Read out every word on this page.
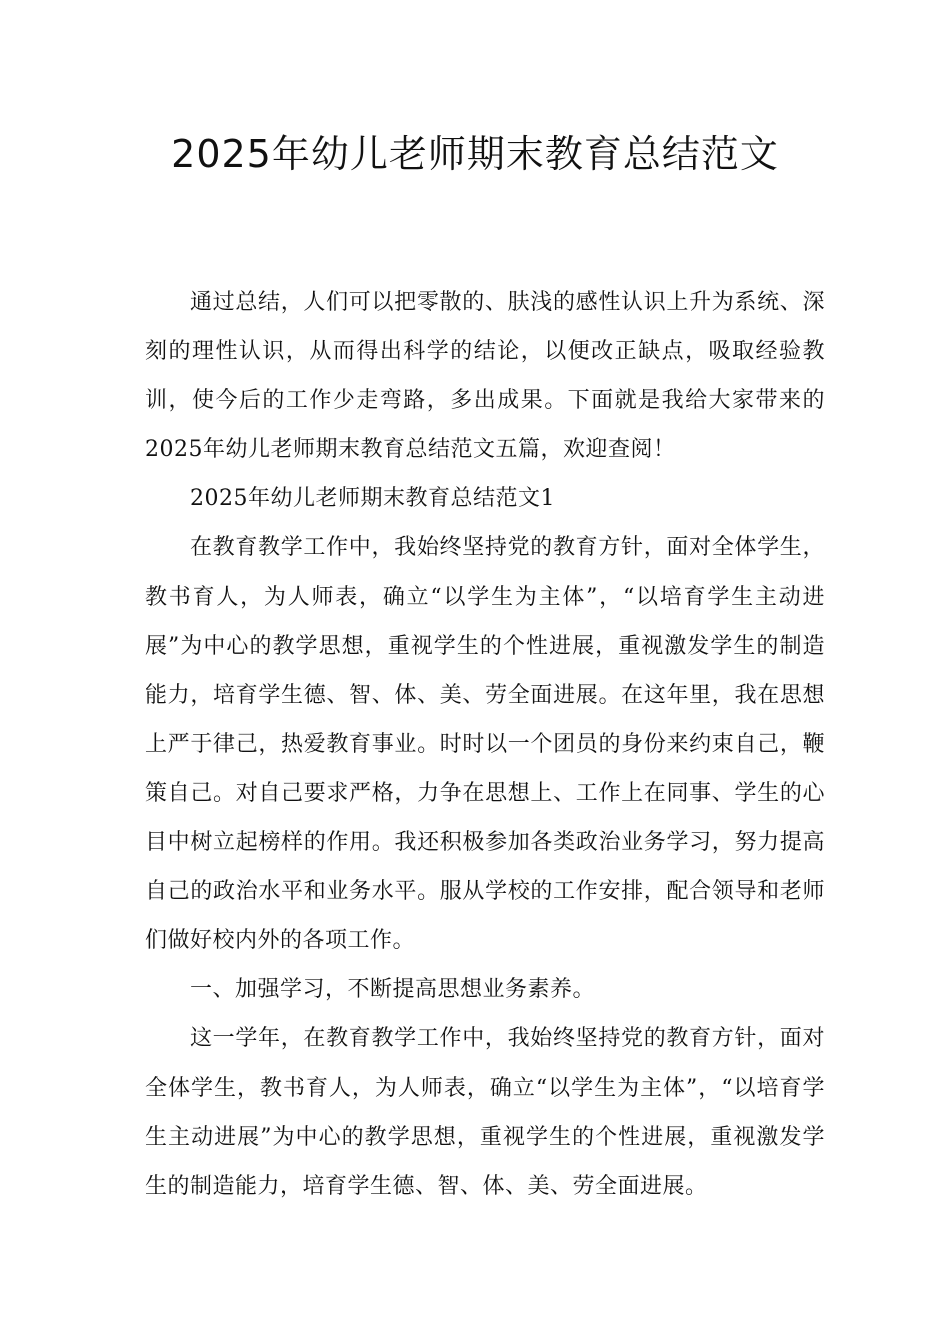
2025年幼儿老师期末教育总结范文

通过总结，人们可以把零散的、肤浅的感性认识上升为系统、深刻的理性认识，从而得出科学的结论，以便改正缺点，吸取经验教训，使今后的工作少走弯路，多出成果。下面就是我给大家带来的2025年幼儿老师期末教育总结范文五篇，欢迎查阅！

2025年幼儿老师期末教育总结范文1

在教育教学工作中，我始终坚持党的教育方针，面对全体学生，教书育人，为人师表，确立“以学生为主体”，“以培育学生主动进展”为中心的教学思想，重视学生的个性进展，重视激发学生的制造能力，培育学生德、智、体、美、劳全面进展。在这年里，我在思想上严于律己，热爱教育事业。时时以一个团员的身份来约束自己，鞭策自己。对自己要求严格，力争在思想上、工作上在同事、学生的心目中树立起榜样的作用。我还积极参加各类政治业务学习，努力提高自己的政治水平和业务水平。服从学校的工作安排，配合领导和老师们做好校内外的各项工作。

一、加强学习，不断提高思想业务素养。

这一学年，在教育教学工作中，我始终坚持党的教育方针，面对全体学生，教书育人，为人师表，确立“以学生为主体”，“以培育学生主动进展”为中心的教学思想，重视学生的个性进展，重视激发学生的制造能力，培育学生德、智、体、美、劳全面进展。
